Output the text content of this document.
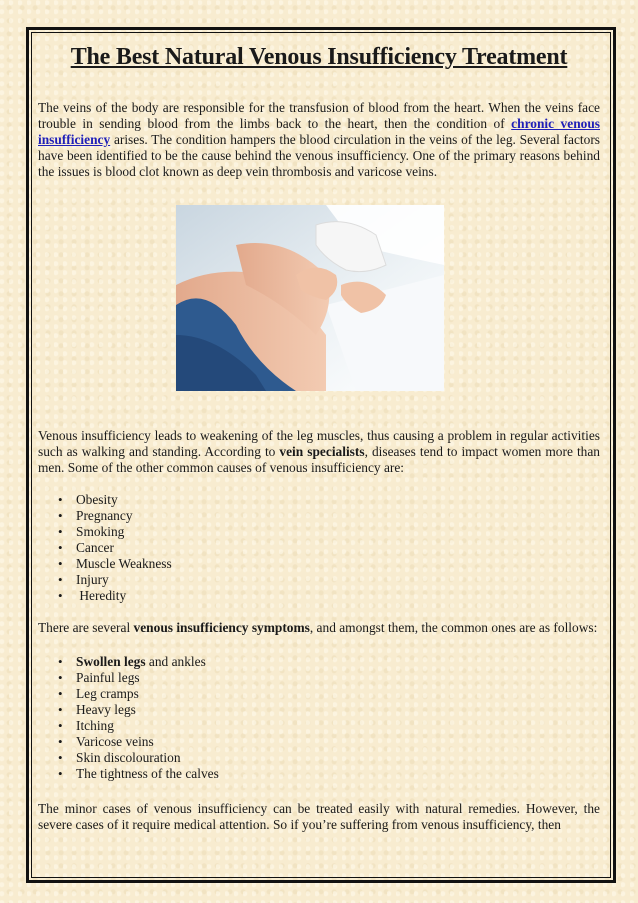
The Best Natural Venous Insufficiency Treatment

The veins of the body are responsible for the transfusion of blood from the heart. When the veins face trouble in sending blood from the limbs back to the heart, then the condition of chronic venous insufficiency arises. The condition hampers the blood circulation in the veins of the leg. Several factors have been identified to be the cause behind the venous insufficiency. One of the primary reasons behind the issues is blood clot known as deep vein thrombosis and varicose veins.

Venous insufficiency leads to weakening of the leg muscles, thus causing a problem in regular activities such as walking and standing. According to vein specialists, diseases tend to impact women more than men. Some of the other common causes of venous insufficiency are:

• Obesity
• Pregnancy
• Smoking
• Cancer
• Muscle Weakness
• Injury
•  Heredity

There are several venous insufficiency symptoms, and amongst them, the common ones are as follows:

• Swollen legs and ankles
• Painful legs
• Leg cramps
• Heavy legs
• Itching
• Varicose veins
• Skin discolouration
• The tightness of the calves

The minor cases of venous insufficiency can be treated easily with natural remedies. However, the severe cases of it require medical attention. So if you’re suffering from venous insufficiency, then
